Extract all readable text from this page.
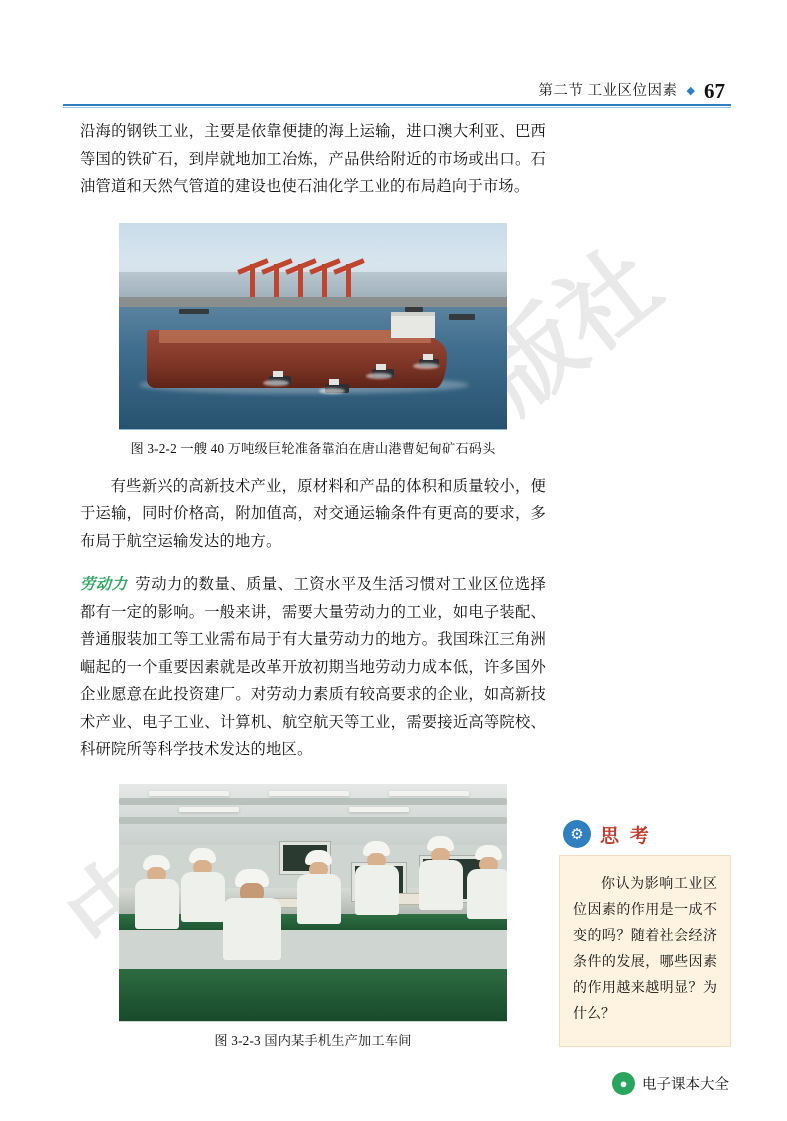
版社
第二节 工业区位因素 ◆ 67

沿海的钢铁工业，主要是依靠便捷的海上运输，进口澳大利亚、巴西等国的铁矿石，到岸就地加工冶炼，产品供给附近的市场或出口。石油管道和天然气管道的建设也使石油化学工业的布局趋向于市场。

图 3-2-2 一艘 40 万吨级巨轮准备靠泊在唐山港曹妃甸矿石码头

有些新兴的高新技术产业，原材料和产品的体积和质量较小，便于运输，同时价格高，附加值高，对交通运输条件有更高的要求，多布局于航空运输发达的地方。

劳动力 劳动力的数量、质量、工资水平及生活习惯对工业区位选择都有一定的影响。一般来讲，需要大量劳动力的工业，如电子装配、普通服装加工等工业需布局于有大量劳动力的地方。我国珠江三角洲崛起的一个重要因素就是改革开放初期当地劳动力成本低，许多国外企业愿意在此投资建厂。对劳动力素质有较高要求的企业，如高新技术产业、电子工业、计算机、航空航天等工业，需要接近高等院校、科研院所等科学技术发达的地区。

图 3-2-3 国内某手机生产加工车间
⚙ 思 考
你认为影响工业区位因素的作用是一成不变的吗？随着社会经济条件的发展，哪些因素的作用越来越明显？为什么？
●	电子课本大全
